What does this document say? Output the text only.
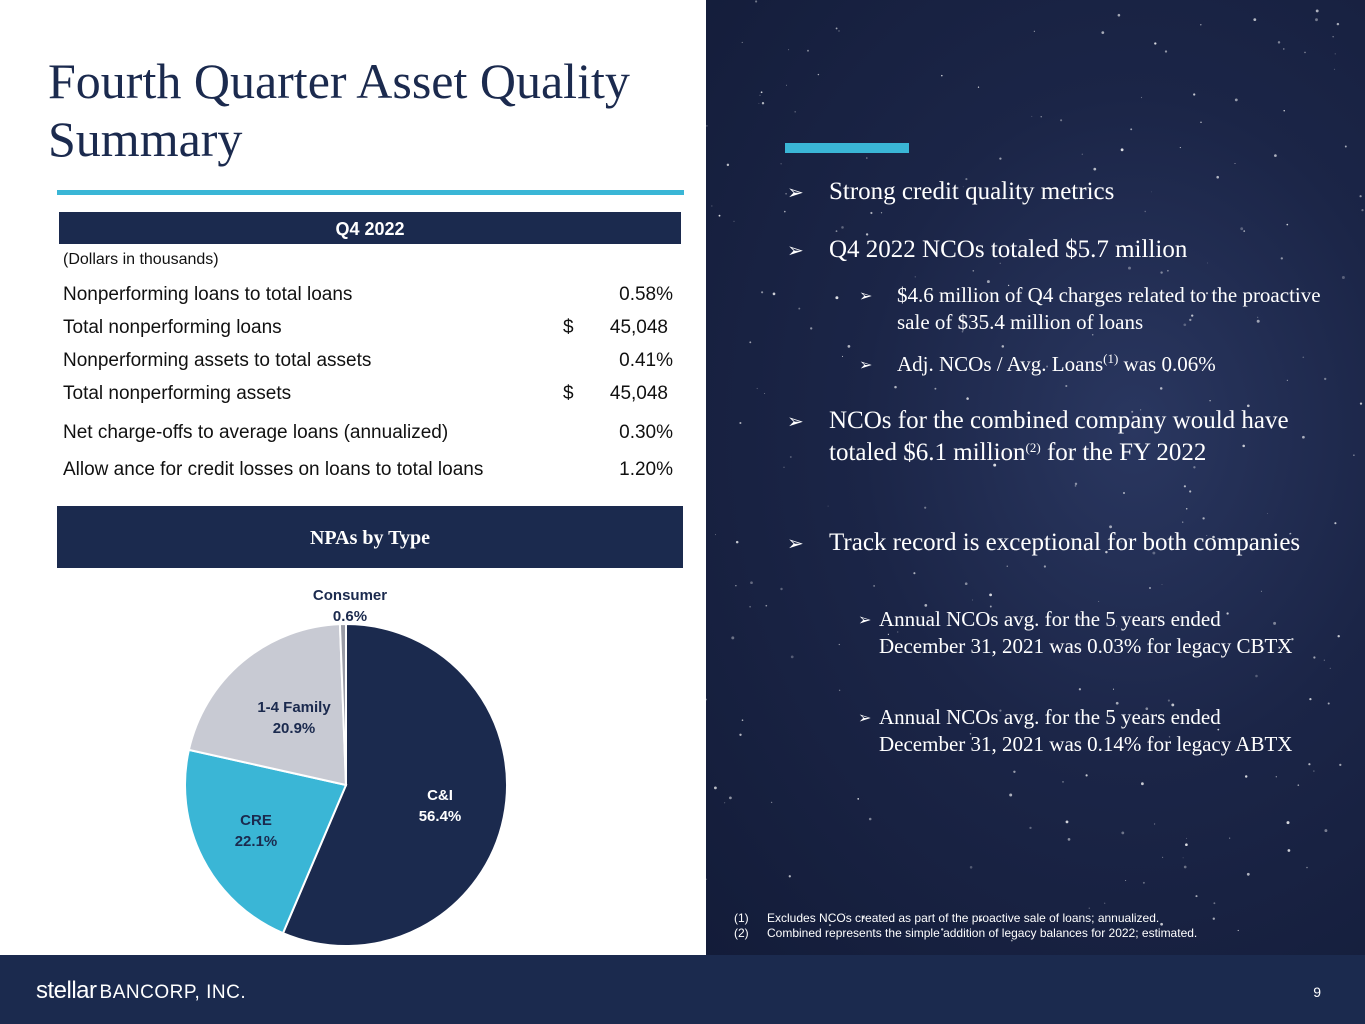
Fourth Quarter Asset Quality Summary
Q4 2022
(Dollars in thousands)
Nonperforming loans to total loans	0.58%
Total nonperforming loans	$ 45,048
Nonperforming assets to total assets	0.41%
Total nonperforming assets	$ 45,048
Net charge-offs to average loans (annualized)	0.30%
Allow ance for credit losses on loans to total loans	1.20%
NPAs by Type
C&I
56.4%
CRE
22.1%
1-4 Family
20.9%
Consumer
0.6%
➢	Strong credit quality metrics
➢	Q4 2022 NCOs totaled $5.7 million
➢	$4.6 million of Q4 charges related to the proactive sale of $35.4 million of loans
➢	Adj. NCOs / Avg. Loans$^{(1)}$ was 0.06%
➢	NCOs for the combined company would have totaled $6.1 million$^{(2)}$ for the FY 2022
➢	Track record is exceptional for both companies
➢ Annual NCOs avg. for the 5 years ended December 31, 2021 was 0.03% for legacy CBTX
➢ Annual NCOs avg. for the 5 years ended December 31, 2021 was 0.14% for legacy ABTX
(1) Excludes NCOs created as part of the proactive sale of loans; annualized.
(2) Combined represents the simple addition of legacy balances for 2022; estimated.
stellar BANCORP, INC.	9
